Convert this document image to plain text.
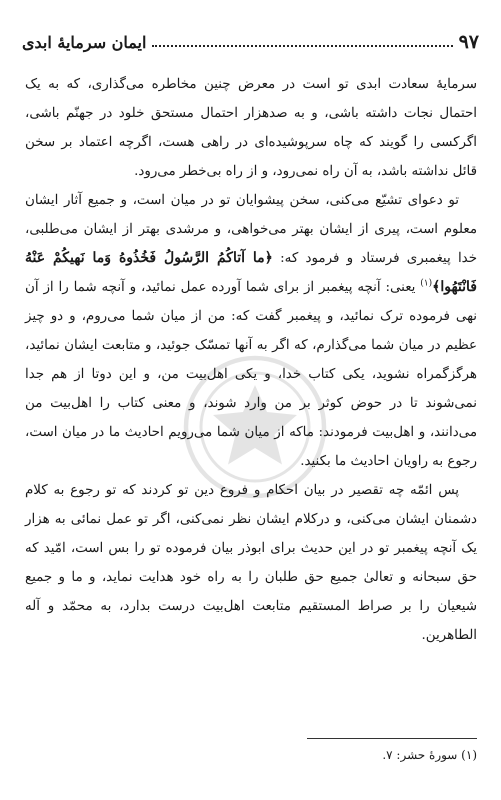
ایمان سرمایهٔ ابدی	۹۷

سرمایهٔ سعادت ابدی تو است در معرض چنین مخاطره می‌گذاری، که به یک احتمال نجات داشته باشی، و به صدهزار احتمال مستحق خلود در جهنّم باشی، اگرکسی را گویند که چاه سرپوشیده‌ای در راهی هست، اگرچه اعتماد بر سخن قائل نداشته باشد، به آن راه نمی‌رود، و از راه بی‌خطر می‌رود.

تو دعوای تشیّع می‌کنی، سخن پیشوایان تو در میان است، و جمیع آثار ایشان معلوم است، پیری از ایشان بهتر می‌خواهی، و مرشدی بهتر از ایشان می‌طلبی، خدا پیغمبری فرستاد و فرمود که: ﴿ما آتاکُمُ الرَّسُولُ فَخُذُوهُ وَما نَهیکُمْ عَنْهُ فَانْتَهُوا﴾$^{(۱)}$ یعنی: آنچه پیغمبر از برای شما آورده عمل نمائید، و آنچه شما را از آن نهی فرموده ترک نمائید، و پیغمبر گفت که: من از میان شما می‌روم، و دو چیز عظیم در میان شما می‌گذارم، که اگر به آنها تمسّک جوئید، و متابعت ایشان نمائید، هرگزگمراه نشوید، یکی کتاب خدا، و یکی اهل‌بیت من، و این دوتا از هم جدا نمی‌شوند تا در حوض کوثر بر من وارد شوند، و معنی کتاب را اهل‌بیت من می‌دانند، و اهل‌بیت فرمودند: ماکه از میان شما می‌رویم احادیث ما در میان است، رجوع به راویان احادیث ما بکنید.

پس ائمّه چه تقصیر در بیان احکام و فروع دین تو کردند که تو رجوع به کلام دشمنان ایشان می‌کنی، و درکلام ایشان نظر نمی‌کنی، اگر تو عمل نمائی به هزار یک آنچه پیغمبر تو در این حدیث برای ابوذر بیان فرموده تو را بس است، امّید که حق سبحانه و تعالیٰ جمیع حق طلبان را به راه خود هدایت نماید، و ما و جمیع شیعیان را بر صراط المستقیم متابعت اهل‌بیت درست بدارد، به محمّد و آله الطاهرین.

(۱) سورهٔ حشر: ۷.
